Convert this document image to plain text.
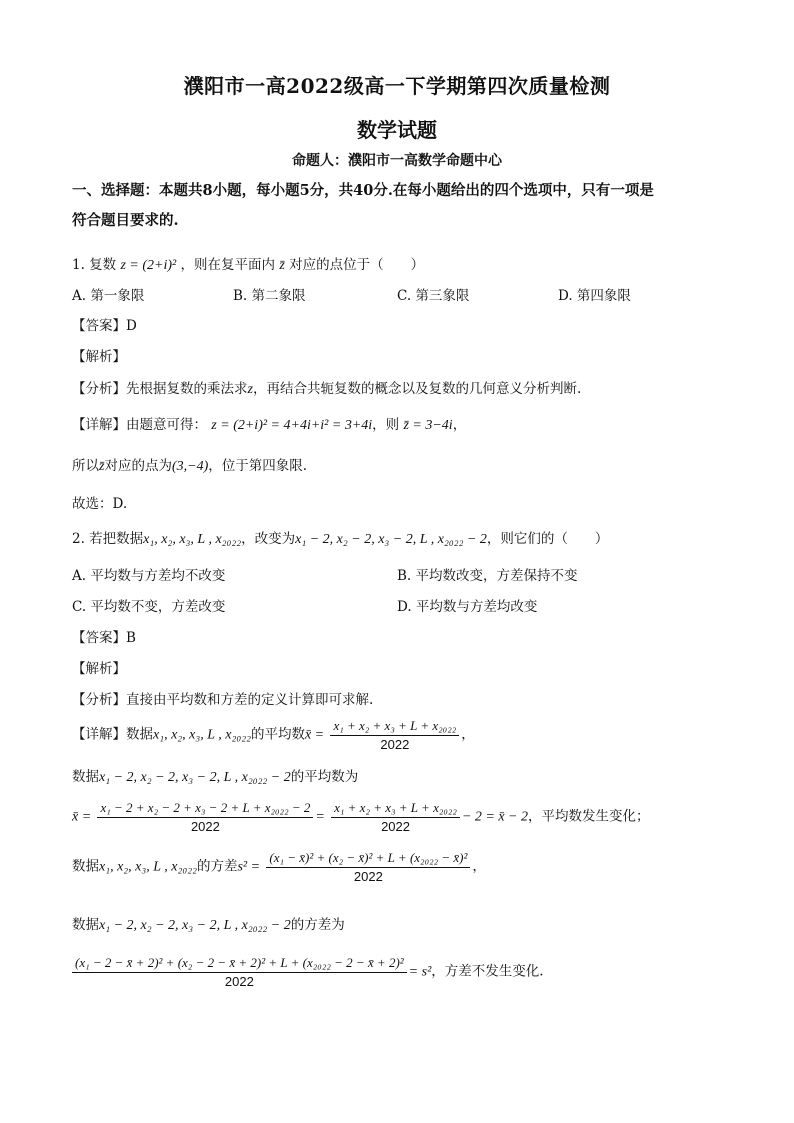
濮阳市一高2022级高一下学期第四次质量检测
数学试题
命题人：濮阳市一高数学命题中心
一、选择题：本题共8小题，每小题5分，共40分.在每小题给出的四个选项中，只有一项是
符合题目要求的.
1. 复数 z = (2+i)² ，则在复平面内 z̄ 对应的点位于（　　）
A. 第一象限	B. 第二象限	C. 第三象限	D. 第四象限
【答案】D
【解析】
【分析】先根据复数的乘法求z，再结合共轭复数的概念以及复数的几何意义分析判断.
【详解】由题意可得： z = (2+i)² = 4+4i+i² = 3+4i，则 z̄ = 3−4i，
所以z̄对应的点为(3,−4)，位于第四象限.
故选：D.
2. 若把数据x₁, x₂, x₃, L , x₂₀₂₂，改变为x₁ − 2, x₂ − 2, x₃ − 2, L , x₂₀₂₂ − 2，则它们的（　　）
A. 平均数与方差均不改变	B. 平均数改变，方差保持不变
C. 平均数不变，方差改变	D. 平均数与方差均改变
【答案】B
【解析】
【分析】直接由平均数和方差的定义计算即可求解.
【详解】数据x₁, x₂, x₃, L , x₂₀₂₂的平均数x̄ = $\frac{\text{x₁ + x₂ + x₃ + L + x₂₀₂₂}}{2022}$ ，
数据x₁ − 2, x₂ − 2, x₃ − 2, L , x₂₀₂₂ − 2的平均数为
x̄ = $\frac{\text{x₁ − 2 + x₂ − 2 + x₃ − 2 + L + x₂₀₂₂ − 2}}{2022} = \frac{\text{x₁ + x₂ + x₃ + L + x₂₀₂₂}}{2022} - 2$ = x̄ − 2，平均数发生变化；
数据x₁, x₂, x₃, L , x₂₀₂₂的方差$s^2 = \frac{\text{(x₁ − x̄)² + (x₂ − x̄)² + L + (x₂₀₂₂ − x̄)²}}{2022}$ ，
数据x₁ − 2, x₂ − 2, x₃ − 2, L , x₂₀₂₂ − 2的方差为
(x₁ − 2 − x̄ + 2)² + (x₂ − 2 − x̄ + 2)² + L + (x₂₀₂₂ − 2 − x̄ + 2)²
2022
= s²，方差不发生变化.
